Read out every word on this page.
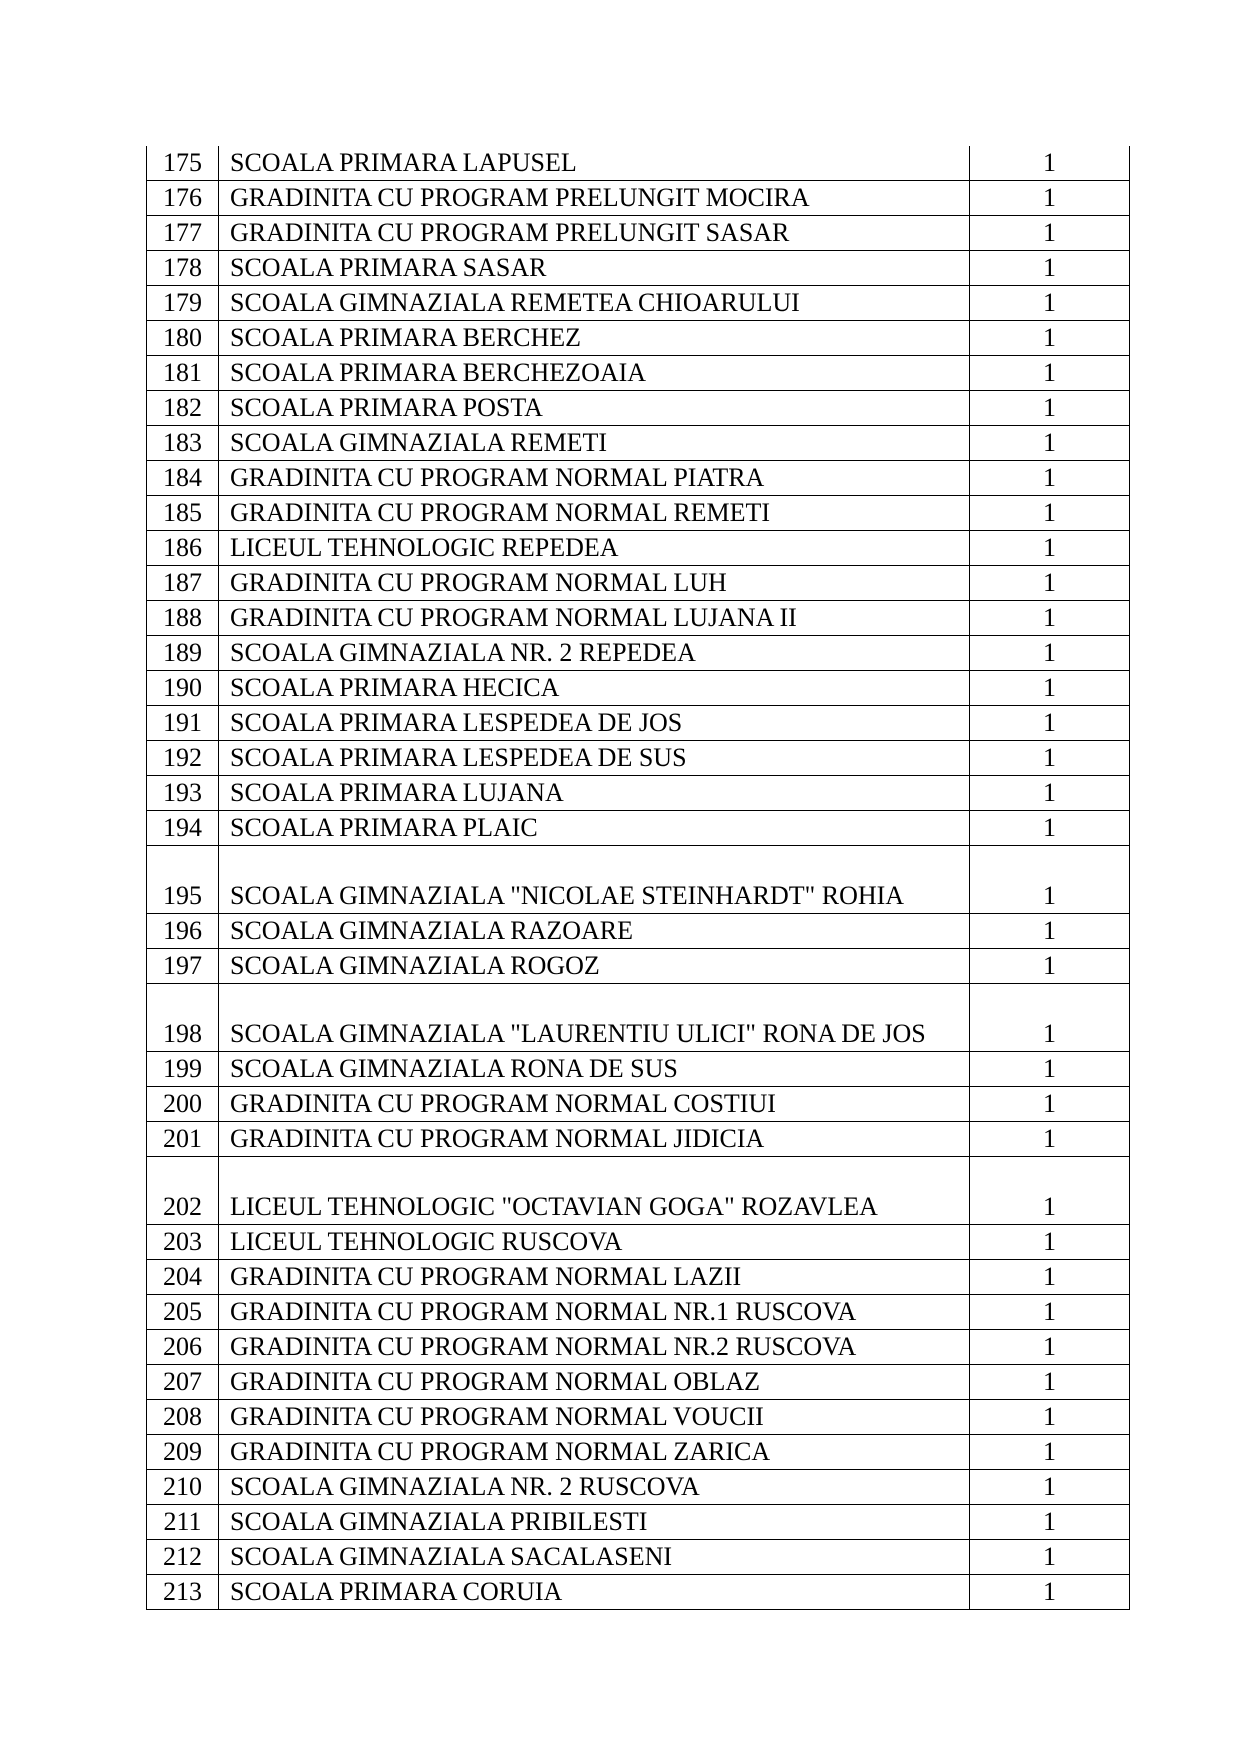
175	SCOALA PRIMARA LAPUSEL	1
176	GRADINITA CU PROGRAM PRELUNGIT MOCIRA	1
177	GRADINITA CU PROGRAM PRELUNGIT SASAR	1
178	SCOALA PRIMARA SASAR	1
179	SCOALA GIMNAZIALA REMETEA CHIOARULUI	1
180	SCOALA PRIMARA BERCHEZ	1
181	SCOALA PRIMARA BERCHEZOAIA	1
182	SCOALA PRIMARA POSTA	1
183	SCOALA GIMNAZIALA REMETI	1
184	GRADINITA CU PROGRAM NORMAL PIATRA	1
185	GRADINITA CU PROGRAM NORMAL REMETI	1
186	LICEUL TEHNOLOGIC REPEDEA	1
187	GRADINITA CU PROGRAM NORMAL LUH	1
188	GRADINITA CU PROGRAM NORMAL LUJANA II	1
189	SCOALA GIMNAZIALA NR. 2 REPEDEA	1
190	SCOALA PRIMARA HECICA	1
191	SCOALA PRIMARA LESPEDEA DE JOS	1
192	SCOALA PRIMARA LESPEDEA DE SUS	1
193	SCOALA PRIMARA LUJANA	1
194	SCOALA PRIMARA PLAIC	1
195	SCOALA GIMNAZIALA "NICOLAE STEINHARDT" ROHIA	1
196	SCOALA GIMNAZIALA RAZOARE	1
197	SCOALA GIMNAZIALA ROGOZ	1
198	SCOALA GIMNAZIALA "LAURENTIU ULICI" RONA DE JOS	1
199	SCOALA GIMNAZIALA RONA DE SUS	1
200	GRADINITA CU PROGRAM NORMAL COSTIUI	1
201	GRADINITA CU PROGRAM NORMAL JIDICIA	1
202	LICEUL TEHNOLOGIC "OCTAVIAN GOGA" ROZAVLEA	1
203	LICEUL TEHNOLOGIC RUSCOVA	1
204	GRADINITA CU PROGRAM NORMAL LAZII	1
205	GRADINITA CU PROGRAM NORMAL NR.1 RUSCOVA	1
206	GRADINITA CU PROGRAM NORMAL NR.2 RUSCOVA	1
207	GRADINITA CU PROGRAM NORMAL OBLAZ	1
208	GRADINITA CU PROGRAM NORMAL VOUCII	1
209	GRADINITA CU PROGRAM NORMAL ZARICA	1
210	SCOALA GIMNAZIALA NR. 2 RUSCOVA	1
211	SCOALA GIMNAZIALA PRIBILESTI	1
212	SCOALA GIMNAZIALA SACALASENI	1
213	SCOALA PRIMARA CORUIA	1
